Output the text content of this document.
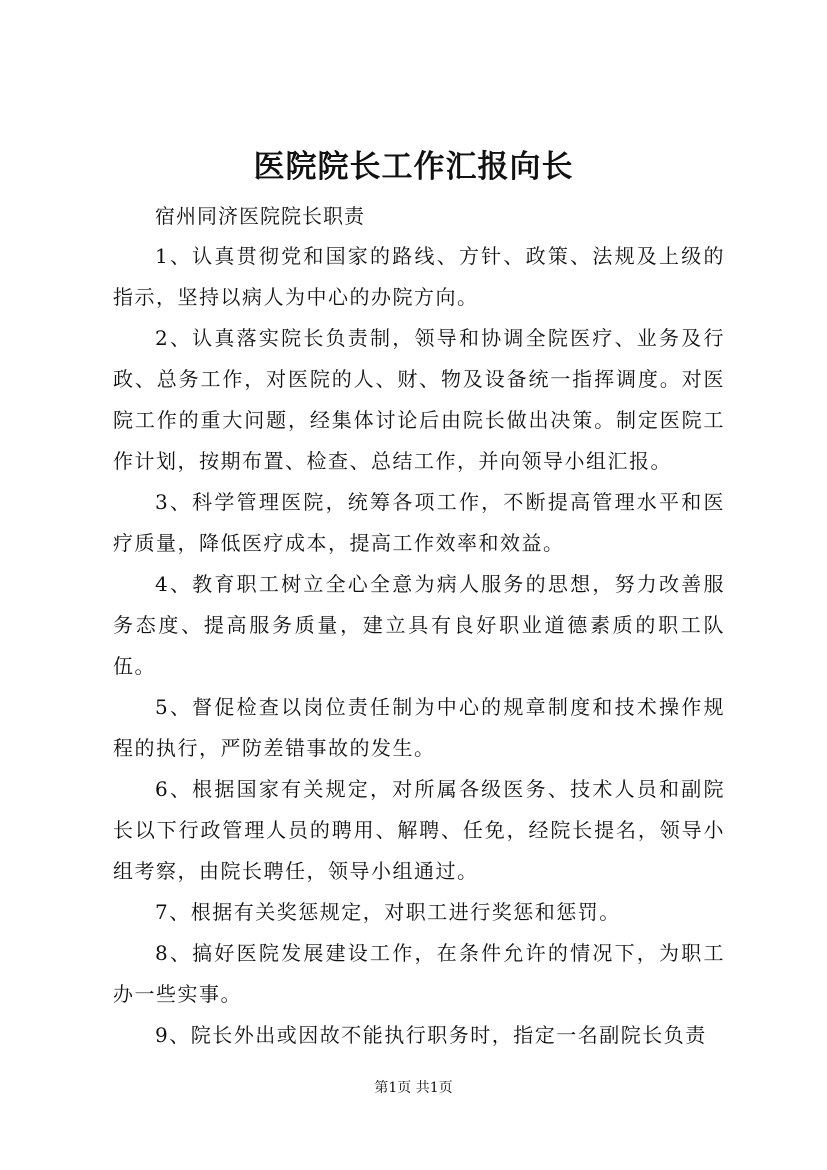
医院院长工作汇报向长

宿州同济医院院长职责

1、认真贯彻党和国家的路线、方针、政策、法规及上级的指示，坚持以病人为中心的办院方向。

2、认真落实院长负责制，领导和协调全院医疗、业务及行政、总务工作，对医院的人、财、物及设备统一指挥调度。对医院工作的重大问题，经集体讨论后由院长做出决策。制定医院工作计划，按期布置、检查、总结工作，并向领导小组汇报。

3、科学管理医院，统筹各项工作，不断提高管理水平和医疗质量，降低医疗成本，提高工作效率和效益。

4、教育职工树立全心全意为病人服务的思想，努力改善服务态度、提高服务质量，建立具有良好职业道德素质的职工队伍。

5、督促检查以岗位责任制为中心的规章制度和技术操作规程的执行，严防差错事故的发生。

6、根据国家有关规定，对所属各级医务、技术人员和副院长以下行政管理人员的聘用、解聘、任免，经院长提名，领导小组考察，由院长聘任，领导小组通过。

7、根据有关奖惩规定，对职工进行奖惩和惩罚。

8、搞好医院发展建设工作，在条件允许的情况下，为职工办一些实事。

9、院长外出或因故不能执行职务时，指定一名副院长负责

第1页 共1页
